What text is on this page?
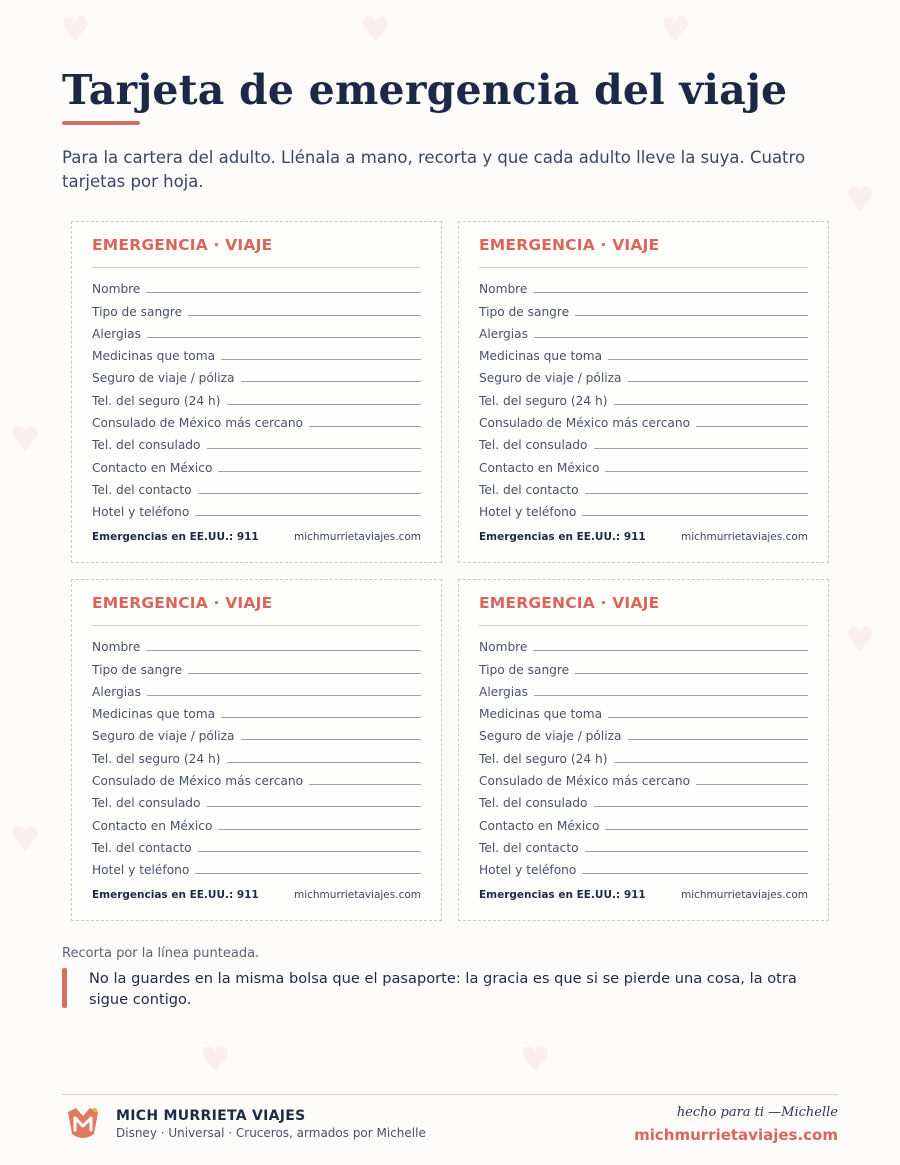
♥	♥	♥
♥
♥
♥
♥
♥	♥
Tarjeta de emergencia del viaje

Para la cartera del adulto. Llénala a mano, recorta y que cada adulto lleve la suya. Cuatro tarjetas por hoja.

EMERGENCIA · VIAJE
Nombre
Tipo de sangre
Alergias
Medicinas que toma
Seguro de viaje / póliza
Tel. del seguro (24 h)
Consulado de México más cercano
Tel. del consulado
Contacto en México
Tel. del contacto
Hotel y teléfono
Emergencias en EE.UU.: 911	michmurrietaviajes.com
EMERGENCIA · VIAJE
Nombre
Tipo de sangre
Alergias
Medicinas que toma
Seguro de viaje / póliza
Tel. del seguro (24 h)
Consulado de México más cercano
Tel. del consulado
Contacto en México
Tel. del contacto
Hotel y teléfono
Emergencias en EE.UU.: 911	michmurrietaviajes.com
EMERGENCIA · VIAJE
Nombre
Tipo de sangre
Alergias
Medicinas que toma
Seguro de viaje / póliza
Tel. del seguro (24 h)
Consulado de México más cercano
Tel. del consulado
Contacto en México
Tel. del contacto
Hotel y teléfono
Emergencias en EE.UU.: 911	michmurrietaviajes.com
EMERGENCIA · VIAJE
Nombre
Tipo de sangre
Alergias
Medicinas que toma
Seguro de viaje / póliza
Tel. del seguro (24 h)
Consulado de México más cercano
Tel. del consulado
Contacto en México
Tel. del contacto
Hotel y teléfono
Emergencias en EE.UU.: 911	michmurrietaviajes.com
Recorta por la línea punteada.
No la guardes en la misma bolsa que el pasaporte: la gracia es que si se pierde una cosa, la otra sigue contigo.
MICH MURRIETA VIAJES
Disney · Universal · Cruceros, armados por Michelle
hecho para ti —Michelle
michmurrietaviajes.com
